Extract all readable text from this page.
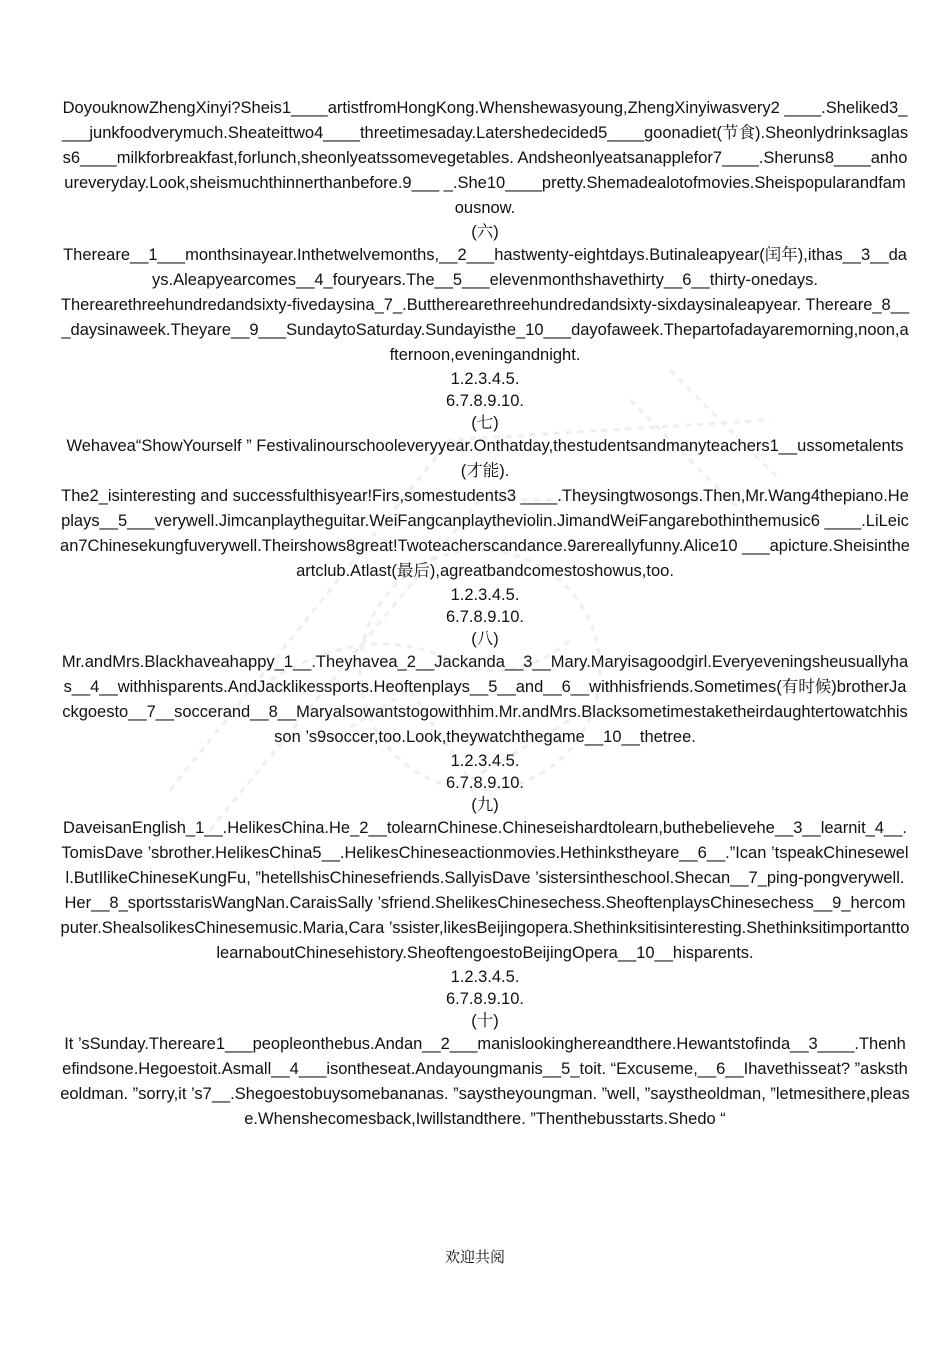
DoyouknowZhengXinyi?Sheis1____artistfromHongKong.Whenshewasyoung,ZhengXinyiwasvery2 ____.Sheliked3____junkfoodverymuch.Sheateittwo4____threetimesaday.Latershedecided5____goonadiet(节食).Sheonlydrinksaglass6____milkforbreakfast,forlunch,sheonlyeatssomevegetables. Andsheonlyeatsanapplefor7____.Sheruns8____anhoureveryday.Look,sheismuchthinnerthanbefore.9___ _.She10____pretty.Shemadealotofmovies.Sheispopularandfamousnow.

(六)

Thereare__1___monthsinayear.Inthetwelvemonths,__2___hastwenty-eightdays.Butinaleapyear(闰年),ithas__3__days.Aleapyearcomes__4_fouryears.The__5___elevenmonthshavethirty__6__thirty-onedays.

Therearethreehundredandsixty-fivedaysina_7_.Buttherearethreehundredandsixty-sixdaysinaleapyear. Thereare_8___daysinaweek.Theyare__9___SundaytoSaturday.Sundayisthe_10___dayofaweek.Thepartofadayaremorning,noon,afternoon,eveningandnight.

1.2.3.4.5.

6.7.8.9.10.

(七)

Wehavea“ShowYourself ” Festivalinourschooleveryyear.Onthatday,thestudentsandmanyteachers1__ussometalents(才能).

The2_isinteresting and successfulthisyear!Firs,somestudents3 ____.Theysingtwosongs.Then,Mr.Wang4thepiano.Heplays__5___verywell.Jimcanplaytheguitar.WeiFangcanplaytheviolin.JimandWeiFangarebothinthemusic6 ____.LiLeican7Chinesekungfuverywell.Theirshows8great!Twoteacherscandance.9arereallyfunny.Alice10 ___apicture.Sheisintheartclub.Atlast(最后),agreatbandcomestoshowus,too.

1.2.3.4.5.

6.7.8.9.10.

(八)

Mr.andMrs.Blackhaveahappy_1__.Theyhavea_2__Jackanda__3__Mary.Maryisagoodgirl.Everyeveningsheusuallyhas__4__withhisparents.AndJacklikessports.Heoftenplays__5__and__6__withhisfriends.Sometimes(有时候)brotherJackgoesto__7__soccerand__8__Maryalsowantstogowithhim.Mr.andMrs.Blacksometimestaketheirdaughtertowatchhisson ’s9soccer,too.Look,theywatchthegame__10__thetree.

1.2.3.4.5.

6.7.8.9.10.

(九)

DaveisanEnglish_1__.HelikesChina.He_2__tolearnChinese.Chineseishardtolearn,buthebelievehe__3__learnit_4__.TomisDave ’sbrother.HelikesChina5__.HelikesChineseactionmovies.Hethinkstheyare__6__.”Ican ’tspeakChinesewell.ButIlikeChineseKungFu, ”hetellshisChinesefriends.SallyisDave ’sistersintheschool.Shecan__7_ping-pongverywell.Her__8_sportsstarisWangNan.CaraisSally ’sfriend.ShelikesChinesechess.SheoftenplaysChinesechess__9_hercomputer.ShealsolikesChinesemusic.Maria,Cara ’ssister,likesBeijingopera.Shethinksitisinteresting.ShethinksitimportanttolearnaboutChinesehistory.SheoftengoestoBeijingOpera__10__hisparents.

1.2.3.4.5.

6.7.8.9.10.

(十)

It ’sSunday.Thereare1___peopleonthebus.Andan__2___manislookinghereandthere.Hewantstofinda__3____.Thenhefindsone.Hegoestoit.Asmall__4___isontheseat.Andayoungmanis__5_toit. “Excuseme,__6__Ihavethisseat? ”askstheoldman. ”sorry,it ’s7__.Shegoestobuysomebananas. ”saystheyoungman. ”well, ”saystheoldman, ”letmesithere,please.Whenshecomesback,Iwillstandthere. ”Thenthebusstarts.Shedo “

欢迎共阅
